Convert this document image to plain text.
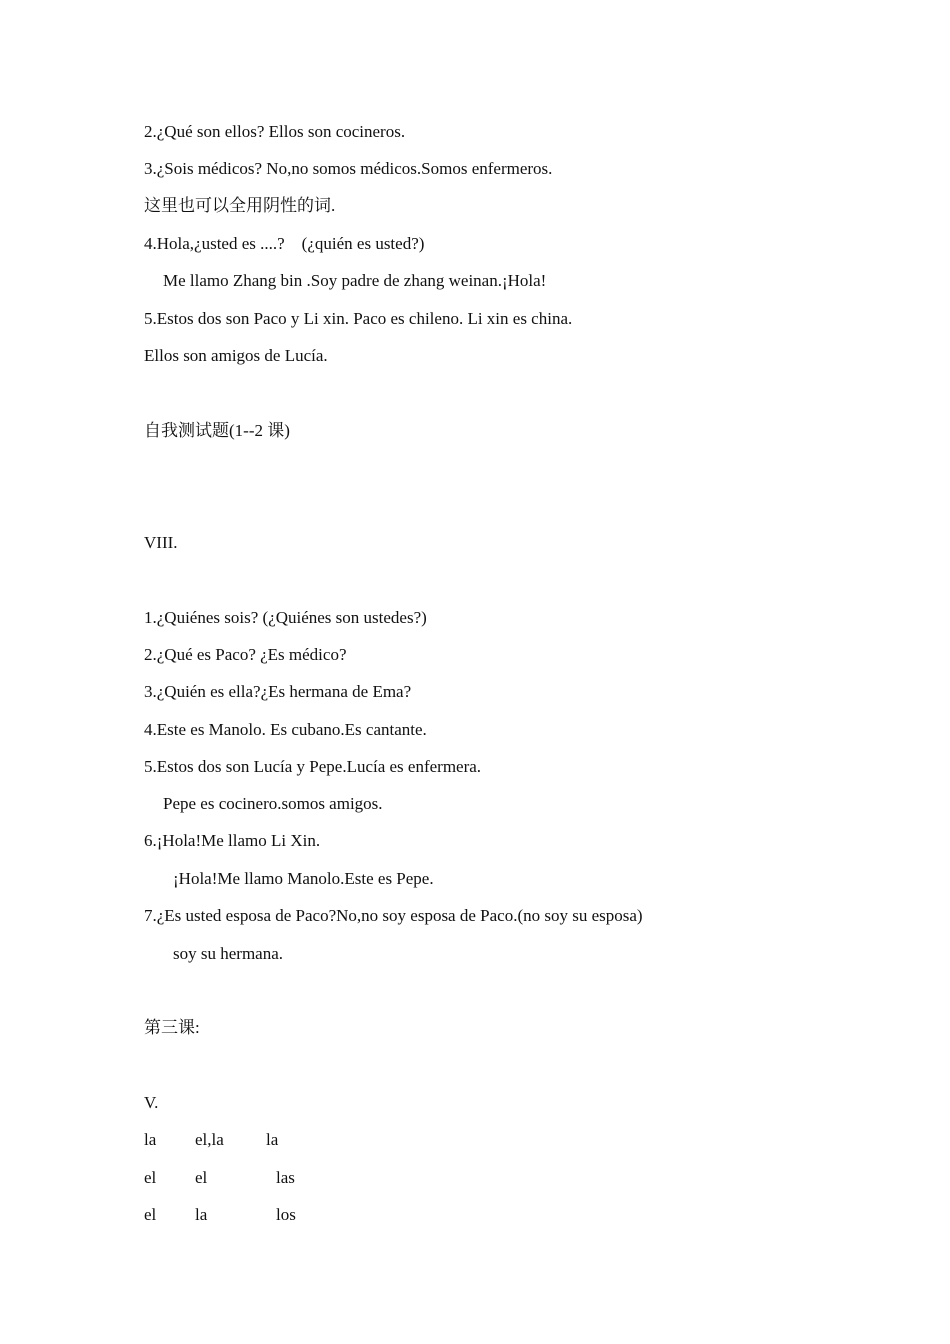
2.¿Qué son ellos? Ellos son cocineros.
3.¿Sois médicos? No,no somos médicos.Somos enfermeros.
这里也可以全用阴性的词.
4.Hola,¿usted es ....?    (¿quién es usted?)
Me llamo Zhang bin .Soy padre de zhang weinan.¡Hola!
5.Estos dos son Paco y Li xin. Paco es chileno. Li xin es china.
Ellos son amigos de Lucía.
自我测试题(1--2 课)
VIII.
1.¿Quiénes sois? (¿Quiénes son ustedes?)
2.¿Qué es Paco? ¿Es médico?
3.¿Quién es ella?¿Es hermana de Ema?
4.Este es Manolo. Es cubano.Es cantante.
5.Estos dos son Lucía y Pepe.Lucía es enfermera.
Pepe es cocinero.somos amigos.
6.¡Hola!Me llamo Li Xin.
¡Hola!Me llamo Manolo.Este es Pepe.
7.¿Es usted esposa de Paco?No,no soy esposa de Paco.(no soy su esposa)
soy su hermana.
第三课:
V.
la el,la la
el el	las
el la	los
